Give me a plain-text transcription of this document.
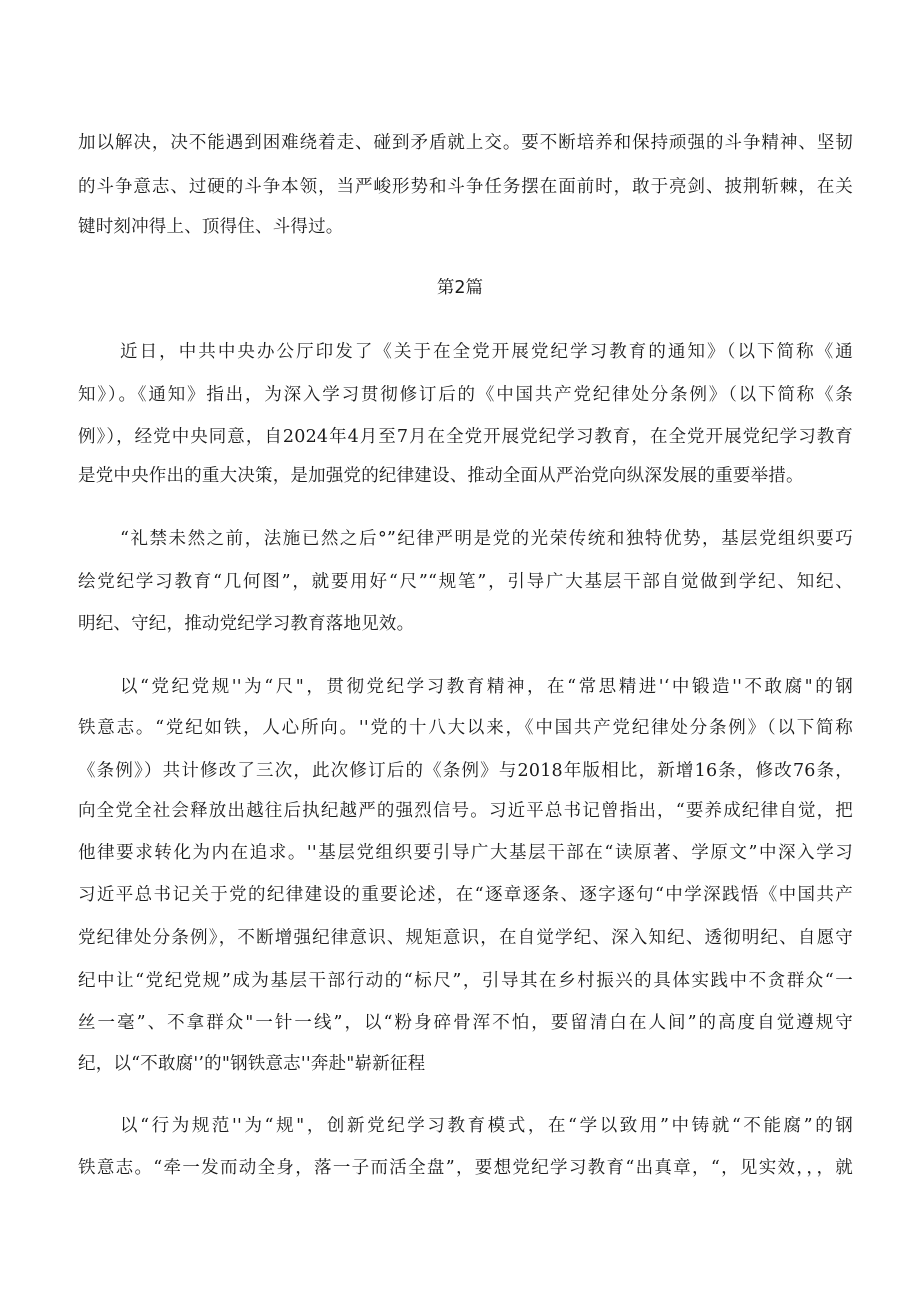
加以解决，决不能遇到困难绕着走、碰到矛盾就上交。要不断培养和保持顽强的斗争精神、坚韧
的斗争意志、过硬的斗争本领，当严峻形势和斗争任务摆在面前时，敢于亮剑、披荆斩棘，在关
键时刻冲得上、顶得住、斗得过。
第2篇
近日，中共中央办公厅印发了《关于在全党开展党纪学习教育的通知》（以下简称《通
知》）。《通知》指出，为深入学习贯彻修订后的《中国共产党纪律处分条例》（以下简称《条
例》），经党中央同意，自2024年4月至7月在全党开展党纪学习教育，在全党开展党纪学习教育
是党中央作出的重大决策，是加强党的纪律建设、推动全面从严治党向纵深发展的重要举措。
“礼禁未然之前，法施已然之后°”纪律严明是党的光荣传统和独特优势，基层党组织要巧
绘党纪学习教育“几何图”，就要用好“尺”“规笔”，引导广大基层干部自觉做到学纪、知纪、
明纪、守纪，推动党纪学习教育落地见效。
以“党纪党规''为“尺"，贯彻党纪学习教育精神，在“常思精进'‘中锻造''不敢腐"的钢
铁意志。“党纪如铁，人心所向。''党的十八大以来，《中国共产党纪律处分条例》（以下简称
《条例》）共计修改了三次，此次修订后的《条例》与2018年版相比，新增16条，修改76条，
向全党全社会释放出越往后执纪越严的强烈信号。习近平总书记曾指出，“要养成纪律自觉，把
他律要求转化为内在追求。''基层党组织要引导广大基层干部在“读原著、学原文”中深入学习
习近平总书记关于党的纪律建设的重要论述，在“逐章逐条、逐字逐句“中学深践悟《中国共产
党纪律处分条例》，不断增强纪律意识、规矩意识，在自觉学纪、深入知纪、透彻明纪、自愿守
纪中让“党纪党规”成为基层干部行动的“标尺”，引导其在乡村振兴的具体实践中不贪群众“一
丝一毫”、不拿群众"一针一线”，以“粉身碎骨浑不怕，要留清白在人间”的高度自觉遵规守
纪，以“不敢腐'’的"钢铁意志''奔赴"崭新征程
以“行为规范''为“规"，创新党纪学习教育模式，在“学以致用”中铸就“不能腐”的钢
铁意志。“牵一发而动全身，落一子而活全盘”，要想党纪学习教育“出真章，“，见实效，，，就
